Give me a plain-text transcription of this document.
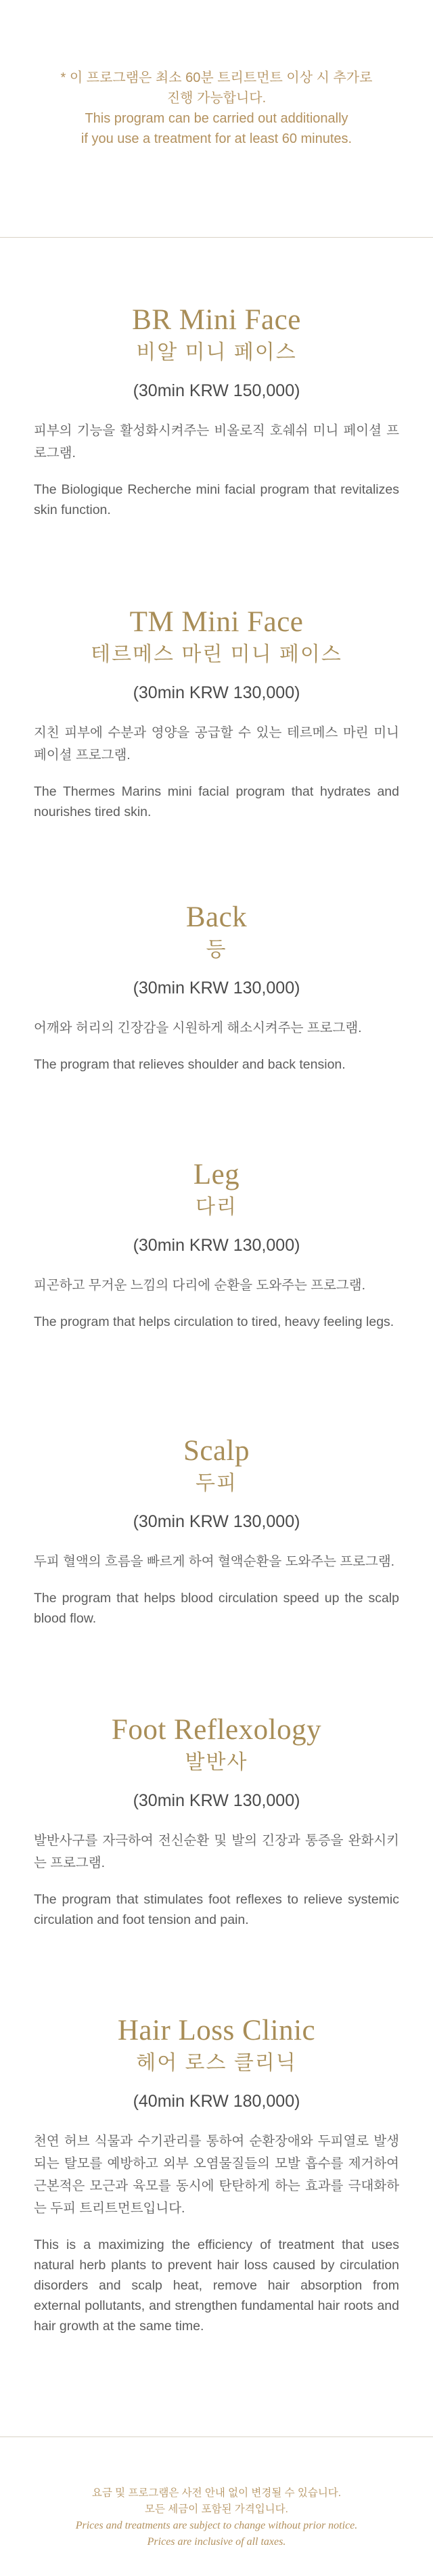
* 이 프로그램은 최소 60분 트리트먼트 이상 시 추가로

진행 가능합니다.

This program can be carried out additionally

if you use a treatment for at least 60 minutes.

BR Mini Face

비알 미니 페이스

(30min KRW 150,000)

피부의 기능을 활성화시켜주는 비올로직 호쉐쉬 미니 페이셜 프로그램.

The Biologique Recherche mini facial program that revitalizes skin function.

TM Mini Face

테르메스 마린 미니 페이스

(30min KRW 130,000)

지친 피부에 수분과 영양을 공급할 수 있는 테르메스 마린 미니 페이셜 프로그램.

The Thermes Marins mini facial program that hydrates and nourishes tired skin.

Back

등

(30min KRW 130,000)

어깨와 허리의 긴장감을 시원하게 해소시켜주는 프로그램.

The program that relieves shoulder and back tension.

Leg

다리

(30min KRW 130,000)

피곤하고 무거운 느낌의 다리에 순환을 도와주는 프로그램.

The program that helps circulation to tired, heavy feeling legs.

Scalp

두피

(30min KRW 130,000)

두피 혈액의 흐름을 빠르게 하여 혈액순환을 도와주는 프로그램.

The program that helps blood circulation speed up the scalp blood flow.

Foot Reflexology

발반사

(30min KRW 130,000)

발반사구를 자극하여 전신순환 및 발의 긴장과 통증을 완화시키는 프로그램.

The program that stimulates foot reflexes to relieve systemic circulation and foot tension and pain.

Hair Loss Clinic

헤어 로스 클리닉

(40min KRW 180,000)

천연 허브 식물과 수기관리를 통하여 순환장애와 두피열로 발생되는 탈모를 예방하고 외부 오염물질들의 모발 흡수를 제거하여 근본적은 모근과 육모를 동시에 탄탄하게 하는 효과를 극대화하는 두피 트리트먼트입니다.

This is a maximizing the efficiency of treatment that uses natural herb plants to prevent hair loss caused by circulation disorders and scalp heat, remove hair absorption from external pollutants, and strengthen fundamental hair roots and hair growth at the same time.

요금 및 프로그램은 사전 안내 없이 변경될 수 있습니다.

모든 세금이 포함된 가격입니다.

Prices and treatments are subject to change without prior notice.

Prices are inclusive of all taxes.
